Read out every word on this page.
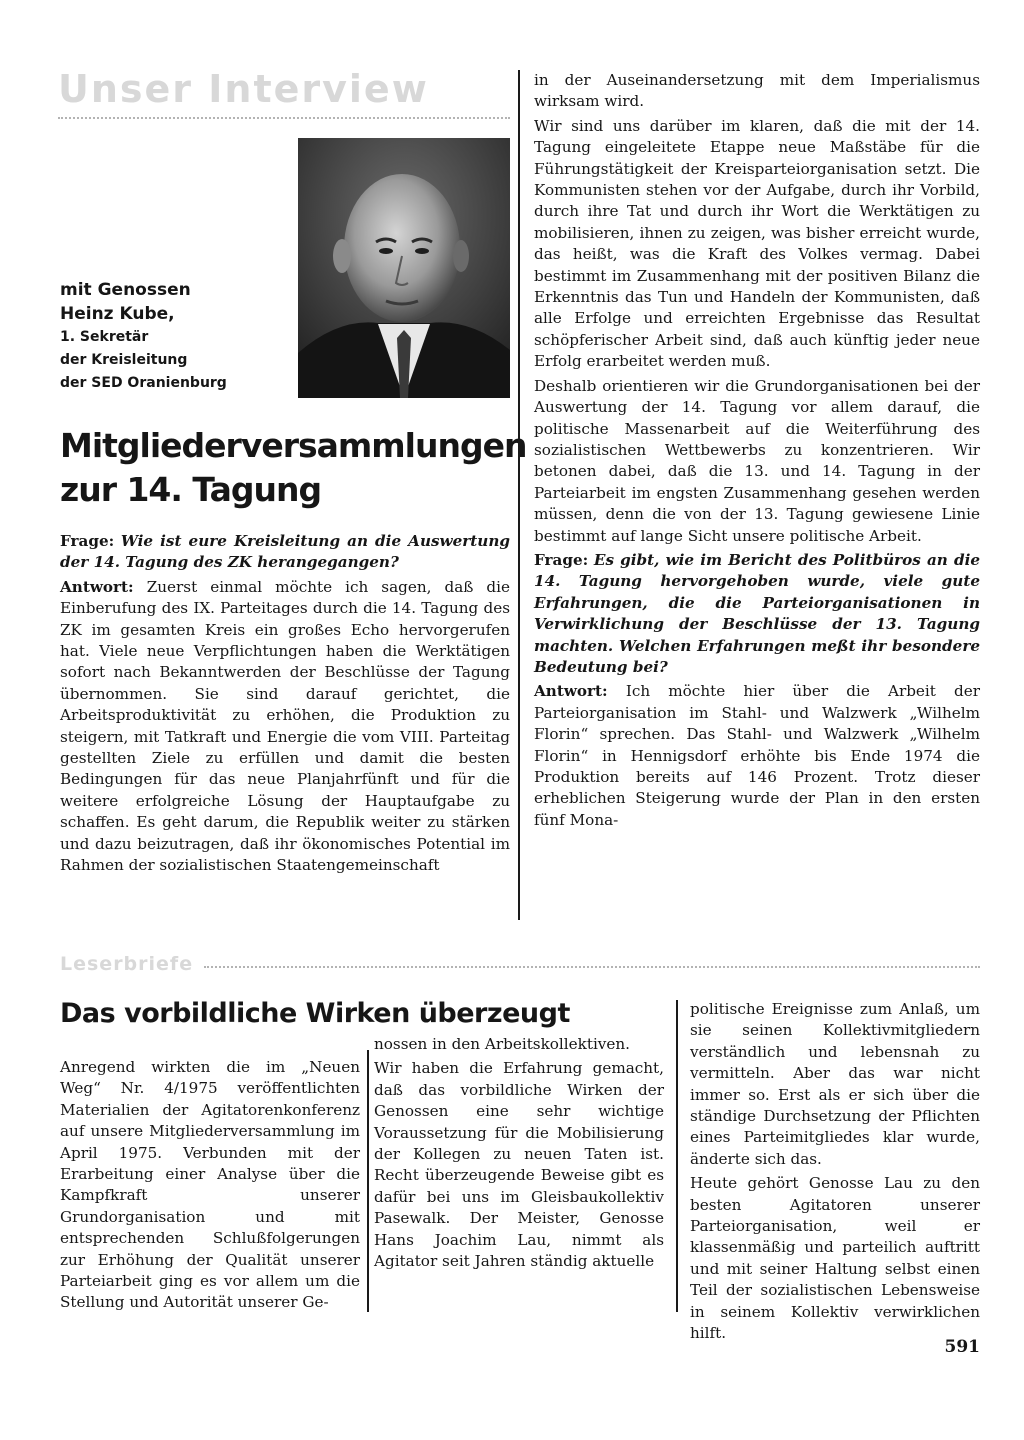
Unser Interview
mit Genossen
Heinz Kube,
1. Sekretär
der Kreisleitung
der SED Oranienburg
Mitgliederversammlungen
zur 14. Tagung

Frage: Wie ist eure Kreisleitung an die Auswertung der 14. Tagung des ZK herangegangen?

Antwort: Zuerst einmal möchte ich sagen, daß die Einberufung des IX. Parteitages durch die 14. Tagung des ZK im gesamten Kreis ein großes Echo hervorgerufen hat. Viele neue Verpflichtungen haben die Werktätigen sofort nach Bekanntwerden der Beschlüsse der Tagung übernommen. Sie sind darauf gerichtet, die Arbeitsproduktivität zu erhöhen, die Produktion zu steigern, mit Tatkraft und Energie die vom VIII. Parteitag gestellten Ziele zu erfüllen und damit die besten Bedingungen für das neue Planjahrfünft und für die weitere erfolgreiche Lösung der Hauptaufgabe zu schaffen. Es geht darum, die Republik weiter zu stärken und dazu beizutragen, daß ihr ökonomisches Potential im Rahmen der sozialistischen Staatengemeinschaft

in der Auseinandersetzung mit dem Imperialismus wirksam wird.

Wir sind uns darüber im klaren, daß die mit der 14. Tagung eingeleitete Etappe neue Maßstäbe für die Führungstätigkeit der Kreisparteiorganisation setzt. Die Kommunisten stehen vor der Aufgabe, durch ihr Vorbild, durch ihre Tat und durch ihr Wort die Werktätigen zu mobilisieren, ihnen zu zeigen, was bisher erreicht wurde, das heißt, was die Kraft des Volkes vermag. Dabei bestimmt im Zusammenhang mit der positiven Bilanz die Erkenntnis das Tun und Handeln der Kommunisten, daß alle Erfolge und erreichten Ergebnisse das Resultat schöpferischer Arbeit sind, daß auch künftig jeder neue Erfolg erarbeitet werden muß.

Deshalb orientieren wir die Grundorganisationen bei der Auswertung der 14. Tagung vor allem darauf, die politische Massenarbeit auf die Weiterführung des sozialistischen Wettbewerbs zu konzentrieren. Wir betonen dabei, daß die 13. und 14. Tagung in der Parteiarbeit im engsten Zusammenhang gesehen werden müssen, denn die von der 13. Tagung gewiesene Linie bestimmt auf lange Sicht unsere politische Arbeit.

Frage: Es gibt, wie im Bericht des Politbüros an die 14. Tagung hervorgehoben wurde, viele gute Erfahrungen, die die Parteiorganisationen in Verwirklichung der Beschlüsse der 13. Tagung machten. Welchen Erfahrungen meßt ihr besondere Bedeutung bei?

Antwort: Ich möchte hier über die Arbeit der Parteiorganisation im Stahl- und Walzwerk „Wilhelm Florin“ sprechen. Das Stahl- und Walzwerk „Wilhelm Florin“ in Hennigsdorf erhöhte bis Ende 1974 die Produktion bereits auf 146 Prozent. Trotz dieser erheblichen Steigerung wurde der Plan in den ersten fünf Mona-

Leserbriefe
Das vorbildliche Wirken überzeugt

Anregend wirkten die im „Neuen Weg“ Nr. 4/1975 veröffentlichten Materialien der Agitatorenkonferenz auf unsere Mitgliederversammlung im April 1975. Verbunden mit der Erarbeitung einer Analyse über die Kampfkraft unserer Grundorganisation und mit entsprechenden Schlußfolgerungen zur Erhöhung der Qualität unserer Parteiarbeit ging es vor allem um die Stellung und Autorität unserer Ge-

nossen in den Arbeitskollektiven.

Wir haben die Erfahrung gemacht, daß das vorbildliche Wirken der Genossen eine sehr wichtige Voraussetzung für die Mobilisierung der Kollegen zu neuen Taten ist. Recht überzeugende Beweise gibt es dafür bei uns im Gleisbaukollektiv Pasewalk. Der Meister, Genosse Hans Joachim Lau, nimmt als Agitator seit Jahren ständig aktuelle

politische Ereignisse zum Anlaß, um sie seinen Kollektivmitgliedern verständlich und lebensnah zu vermitteln. Aber das war nicht immer so. Erst als er sich über die ständige Durchsetzung der Pflichten eines Parteimitgliedes klar wurde, änderte sich das.

Heute gehört Genosse Lau zu den besten Agitatoren unserer Parteiorganisation, weil er klassenmäßig und parteilich auftritt und mit seiner Haltung selbst einen Teil der sozialistischen Lebensweise in seinem Kollektiv verwirklichen hilft.

591
